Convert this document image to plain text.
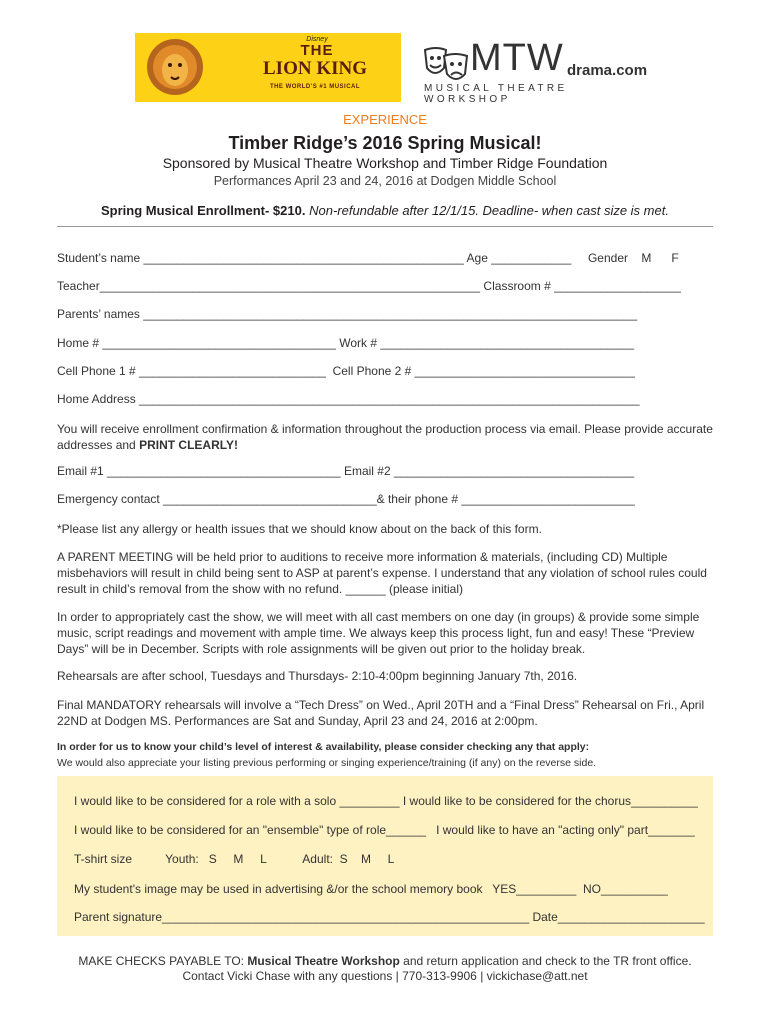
Disney
THE
LION KING
THE WORLD'S #1 MUSICAL
MTW drama.com
MUSICAL THEATRE WORKSHOP
EXPERIENCE
Timber Ridge’s 2016 Spring Musical!
Sponsored by Musical Theatre Workshop and Timber Ridge Foundation
Performances April 23 and 24, 2016 at Dodgen Middle School
Spring Musical Enrollment- $210. Non-refundable after 12/1/15. Deadline- when cast size is met.
Student’s name ________________________________________________ Age ____________     Gender    M      F
Teacher_________________________________________________________ Classroom # ___________________
Parents’ names __________________________________________________________________________
Home # ___________________________________ Work # ______________________________________
Cell Phone 1 # ____________________________  Cell Phone 2 # _________________________________
Home Address ___________________________________________________________________________
You will receive enrollment confirmation & information throughout the production process via email. Please provide accurate addresses and PRINT CLEARLY!
Email #1 ___________________________________ Email #2 ____________________________________
Emergency contact ________________________________& their phone # __________________________
*Please list any allergy or health issues that we should know about on the back of this form.
A PARENT MEETING will be held prior to auditions to receive more information & materials, (including CD) Multiple misbehaviors will result in child being sent to ASP at parent’s expense. I understand that any violation of school rules could result in child’s removal from the show with no refund. ______ (please initial)
In order to appropriately cast the show, we will meet with all cast members on one day (in groups) & provide some simple music, script readings and movement with ample time. We always keep this process light, fun and easy! These “Preview Days” will be in December. Scripts with role assignments will be given out prior to the holiday break.
Rehearsals are after school, Tuesdays and Thursdays- 2:10-4:00pm beginning January 7th, 2016.
Final MANDATORY rehearsals will involve a “Tech Dress” on Wed., April 20TH and a “Final Dress” Rehearsal on Fri., April 22ND at Dodgen MS. Performances are Sat and Sunday, April 23 and 24, 2016 at 2:00pm.
In order for us to know your child’s level of interest & availability, please consider checking any that apply:
We would also appreciate your listing previous performing or singing experience/training (if any) on the reverse side.
I would like to be considered for a role with a solo _________ I would like to be considered for the chorus__________
I would like to be considered for an "ensemble" type of role______   I would like to have an "acting only" part_______
T-shirt size          Youth:   S     M     L           Adult:  S    M     L
My student's image may be used in advertising &/or the school memory book   YES_________  NO__________
Parent signature_______________________________________________________ Date______________________
MAKE CHECKS PAYABLE TO: Musical Theatre Workshop and return application and check to the TR front office.
Contact Vicki Chase with any questions | 770-313-9906 | vickichase@att.net
